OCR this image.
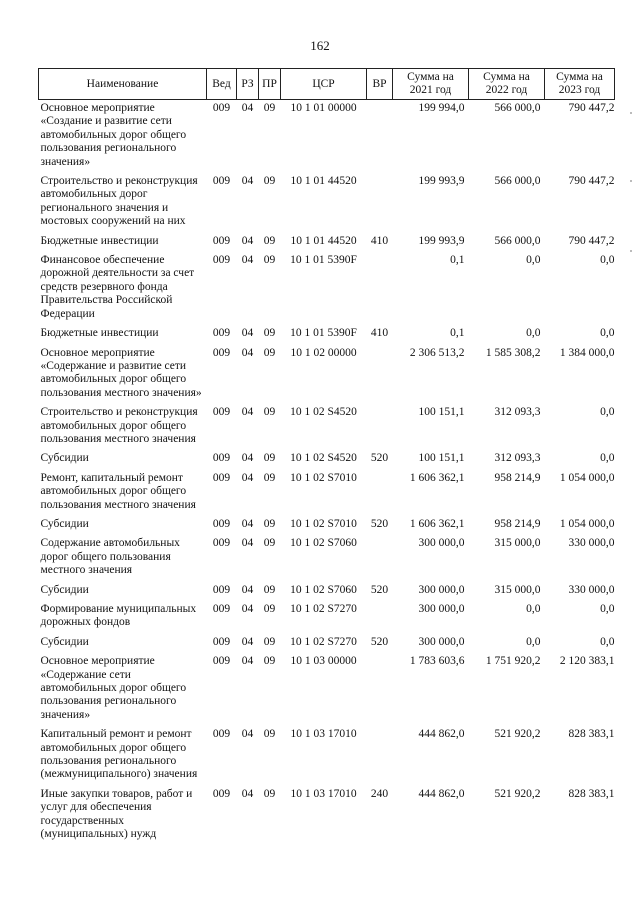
162
Наименование	Вед	РЗ	ПР	ЦСР	ВР	Сумма на 2021 год	Сумма на 2022 год	Сумма на 2023 год
Основное мероприятие «Создание и развитие сети автомобильных дорог общего пользования регионального значения»	009	04	09	10 1 01 00000		199 994,0	566 000,0	790 447,2
Строительство и реконструкция автомобильных дорог регионального значения и мостовых сооружений на них	009	04	09	10 1 01 44520		199 993,9	566 000,0	790 447,2
Бюджетные инвестиции	009	04	09	10 1 01 44520	410	199 993,9	566 000,0	790 447,2
Финансовое обеспечение дорожной деятельности за счет средств резервного фонда Правительства Российской Федерации	009	04	09	10 1 01 5390F		0,1	0,0	0,0
Бюджетные инвестиции	009	04	09	10 1 01 5390F	410	0,1	0,0	0,0
Основное мероприятие «Содержание и развитие сети автомобильных дорог общего пользования местного значения»	009	04	09	10 1 02 00000		2 306 513,2	1 585 308,2	1 384 000,0
Строительство и реконструкция автомобильных дорог общего пользования местного значения	009	04	09	10 1 02 S4520		100 151,1	312 093,3	0,0
Субсидии	009	04	09	10 1 02 S4520	520	100 151,1	312 093,3	0,0
Ремонт, капитальный ремонт автомобильных дорог общего пользования местного значения	009	04	09	10 1 02 S7010		1 606 362,1	958 214,9	1 054 000,0
Субсидии	009	04	09	10 1 02 S7010	520	1 606 362,1	958 214,9	1 054 000,0
Содержание автомобильных дорог общего пользования местного значения	009	04	09	10 1 02 S7060		300 000,0	315 000,0	330 000,0
Субсидии	009	04	09	10 1 02 S7060	520	300 000,0	315 000,0	330 000,0
Формирование муниципальных дорожных фондов	009	04	09	10 1 02 S7270		300 000,0	0,0	0,0
Субсидии	009	04	09	10 1 02 S7270	520	300 000,0	0,0	0,0
Основное мероприятие «Содержание сети автомобильных дорог общего пользования регионального значения»	009	04	09	10 1 03 00000		1 783 603,6	1 751 920,2	2 120 383,1
Капитальный ремонт и ремонт автомобильных дорог общего пользования регионального (межмуниципального) значения	009	04	09	10 1 03 17010		444 862,0	521 920,2	828 383,1
Иные закупки товаров, работ и услуг для обеспечения государственных (муниципальных) нужд	009	04	09	10 1 03 17010	240	444 862,0	521 920,2	828 383,1
